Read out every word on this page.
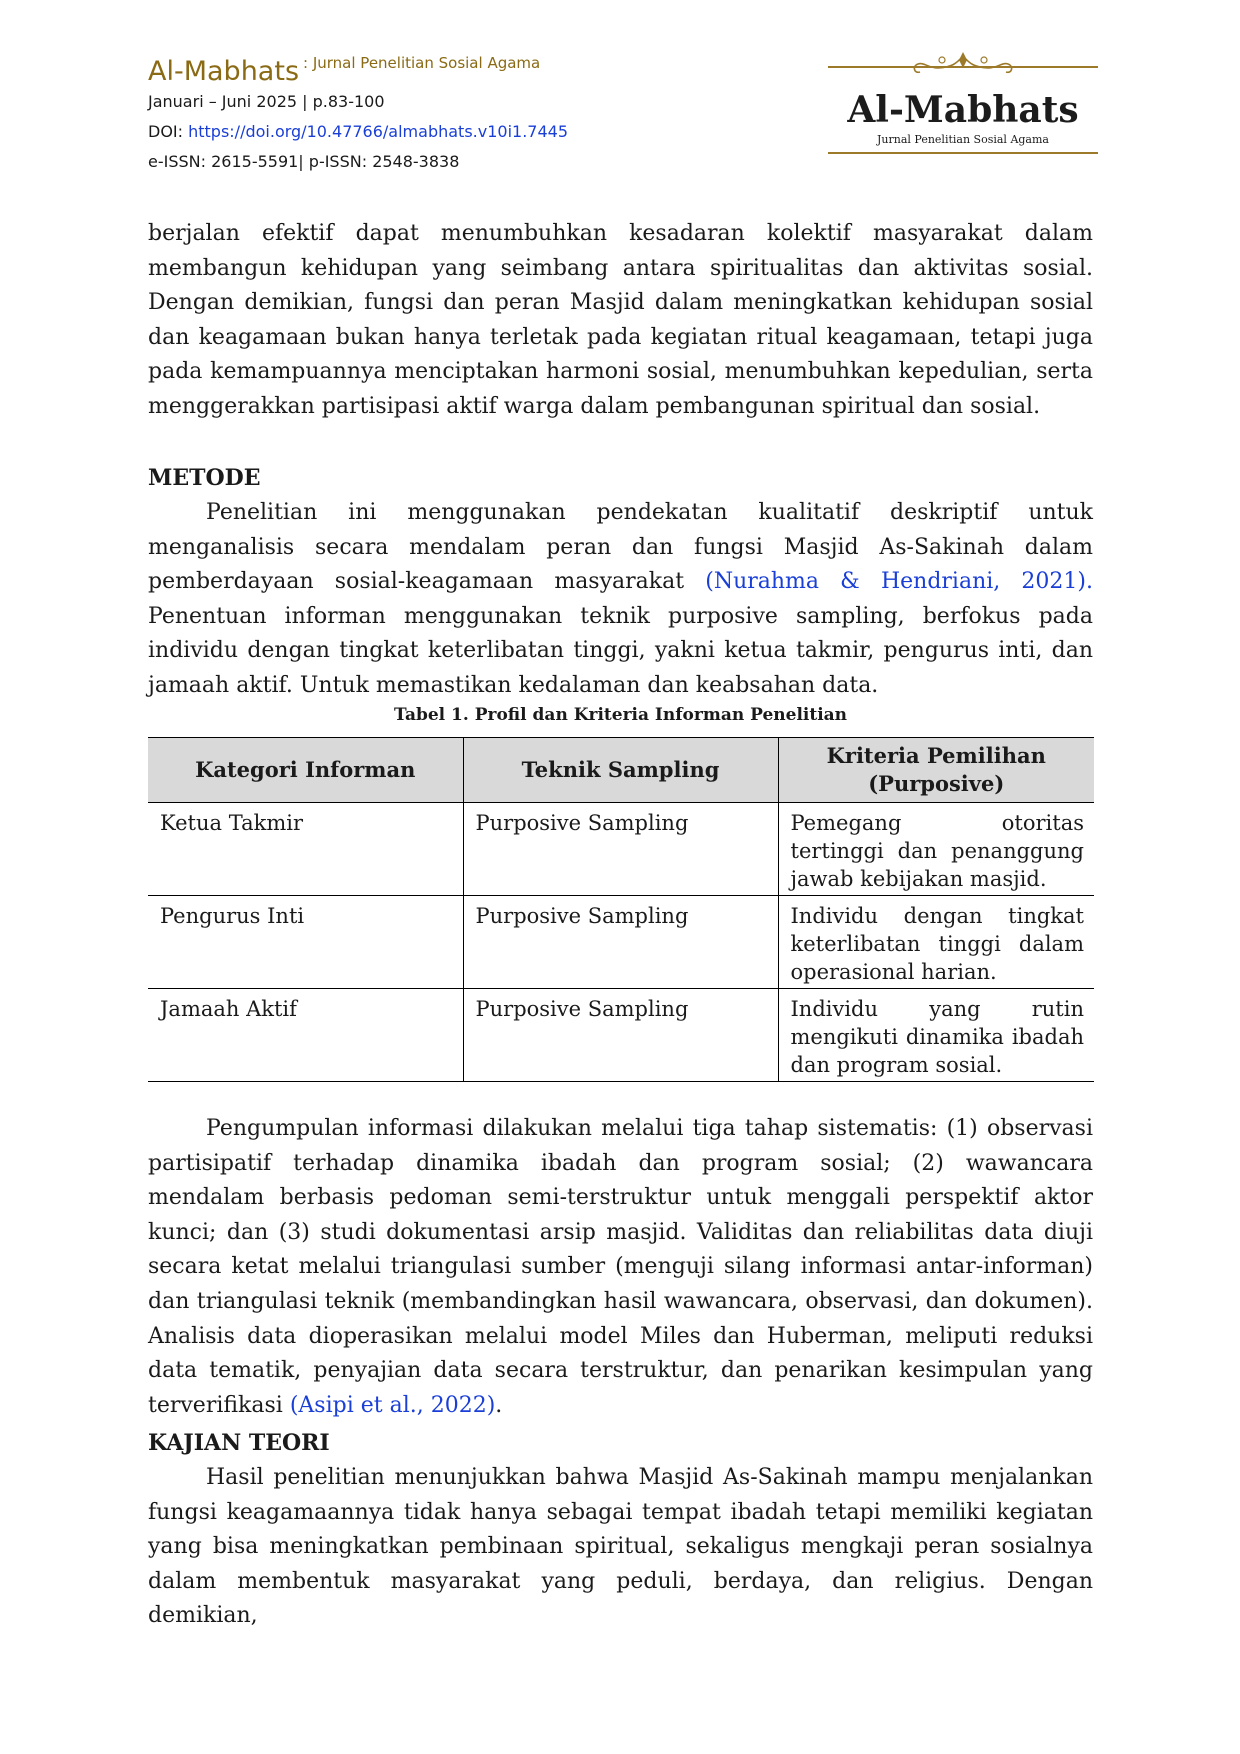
Al-Mabhats : Jurnal Penelitian Sosial Agama
Januari – Juni 2025 | p.83-100
DOI: https://doi.org/10.47766/almabhats.v10i1.7445
e-ISSN: 2615-5591| p-ISSN: 2548-3838
Al-Mabhats
Jurnal Penelitian Sosial Agama

berjalan efektif dapat menumbuhkan kesadaran kolektif masyarakat dalam membangun kehidupan yang seimbang antara spiritualitas dan aktivitas sosial. Dengan demikian, fungsi dan peran Masjid dalam meningkatkan kehidupan sosial dan keagamaan bukan hanya terletak pada kegiatan ritual keagamaan, tetapi juga pada kemampuannya menciptakan harmoni sosial, menumbuhkan kepedulian, serta menggerakkan partisipasi aktif warga dalam pembangunan spiritual dan sosial.

METODE

Penelitian ini menggunakan pendekatan kualitatif deskriptif untuk menganalisis secara mendalam peran dan fungsi Masjid As-Sakinah dalam pemberdayaan sosial-keagamaan masyarakat (Nurahma & Hendriani, 2021). Penentuan informan menggunakan teknik purposive sampling, berfokus pada individu dengan tingkat keterlibatan tinggi, yakni ketua takmir, pengurus inti, dan jamaah aktif. Untuk memastikan kedalaman dan keabsahan data.

Tabel 1. Profil dan Kriteria Informan Penelitian
Kategori Informan	Teknik Sampling	Kriteria Pemilihan (Purposive)
Ketua Takmir	Purposive Sampling	Pemegang otoritas tertinggi dan penanggung jawab kebijakan masjid.
Pengurus Inti	Purposive Sampling	Individu dengan tingkat keterlibatan tinggi dalam operasional harian.
Jamaah Aktif	Purposive Sampling	Individu yang rutin mengikuti dinamika ibadah dan program sosial.

Pengumpulan informasi dilakukan melalui tiga tahap sistematis: (1) observasi partisipatif terhadap dinamika ibadah dan program sosial; (2) wawancara mendalam berbasis pedoman semi-terstruktur untuk menggali perspektif aktor kunci; dan (3) studi dokumentasi arsip masjid. Validitas dan reliabilitas data diuji secara ketat melalui triangulasi sumber (menguji silang informasi antar-informan) dan triangulasi teknik (membandingkan hasil wawancara, observasi, dan dokumen). Analisis data dioperasikan melalui model Miles dan Huberman, meliputi reduksi data tematik, penyajian data secara terstruktur, dan penarikan kesimpulan yang terverifikasi (Asipi et al., 2022).

KAJIAN TEORI

Hasil penelitian menunjukkan bahwa Masjid As-Sakinah mampu menjalankan fungsi keagamaannya tidak hanya sebagai tempat ibadah tetapi memiliki kegiatan yang bisa meningkatkan pembinaan spiritual, sekaligus mengkaji peran sosialnya dalam membentuk masyarakat yang peduli, berdaya, dan religius. Dengan demikian,
